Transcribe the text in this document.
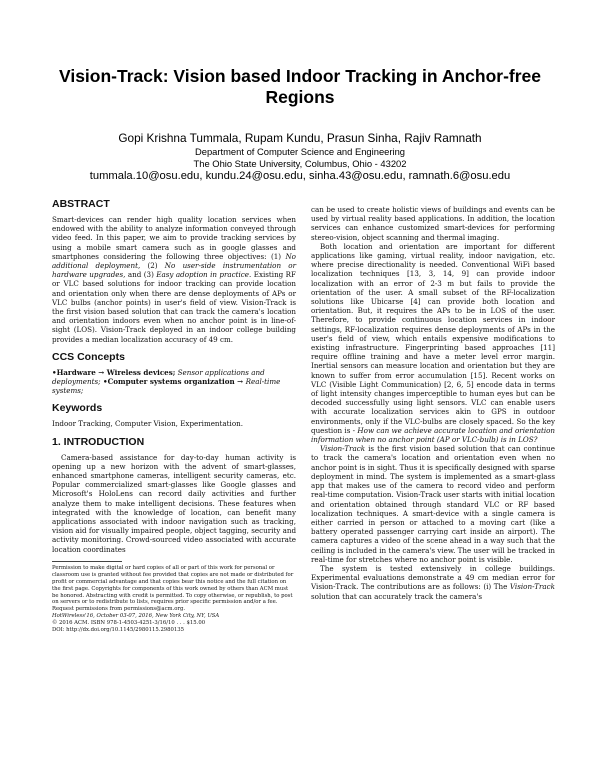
Vision-Track: Vision based Indoor Tracking in Anchor-free
Regions
Gopi Krishna Tummala, Rupam Kundu, Prasun Sinha, Rajiv Ramnath
Department of Computer Science and Engineering
The Ohio State University, Columbus, Ohio - 43202
tummala.10@osu.edu, kundu.24@osu.edu, sinha.43@osu.edu, ramnath.6@osu.edu
ABSTRACT

Smart-devices can render high quality location services when endowed with the ability to analyze information conveyed through video feed. In this paper, we aim to provide tracking services by using a mobile smart camera such as in google glasses and smartphones considering the following three objectives: (1) No additional deployment, (2) No user-side instrumentation or hardware upgrades, and (3) Easy adoption in practice. Existing RF or VLC based solutions for indoor tracking can provide location and orientation only when there are dense deployments of APs or VLC bulbs (anchor points) in user's field of view. Vision-Track is the first vision based solution that can track the camera's location and orientation indoors even when no anchor point is in line-of-sight (LOS). Vision-Track deployed in an indoor college building provides a median localization accuracy of 49 cm.

CCS Concepts

•Hardware → Wireless devices; Sensor applications and deployments; •Computer systems organization → Real-time systems;

Keywords

Indoor Tracking, Computer Vision, Experimentation.

1. INTRODUCTION

Camera-based assistance for day-to-day human activity is opening up a new horizon with the advent of smart-glasses, enhanced smartphone cameras, intelligent security cameras, etc. Popular commercialized smart-glasses like Google glasses and Microsoft's HoloLens can record daily activities and further analyze them to make intelligent decisions. These features when integrated with the knowledge of location, can benefit many applications associated with indoor navigation such as tracking, vision aid for visually impaired people, object tagging, security and activity monitoring. Crowd-sourced video associated with accurate location coordinates

Permission to make digital or hard copies of all or part of this work for personal or classroom use is granted without fee provided that copies are not made or distributed for profit or commercial advantage and that copies bear this notice and the full citation on the first page. Copyrights for components of this work owned by others than ACM must be honored. Abstracting with credit is permitted. To copy otherwise, or republish, to post on servers or to redistribute to lists, requires prior specific permission and/or a fee. Request permissions from permissions@acm.org.

HotWireless'16, October 03-07, 2016, New York City, NY, USA

© 2016 ACM. ISBN 978-1-4503-4251-3/16/10 . . . $15.00

DOI: http://dx.doi.org/10.1145/2980115.2980135

can be used to create holistic views of buildings and events can be used by virtual reality based applications. In addition, the location services can enhance customized smart-devices for performing stereo-vision, object scanning and thermal imaging.

Both location and orientation are important for different applications like gaming, virtual reality, indoor navigation, etc. where precise directionality is needed. Conventional WiFi based localization techniques [13, 3, 14, 9] can provide indoor localization with an error of 2-3 m but fails to provide the orientation of the user. A small subset of the RF-localization solutions like Ubicarse [4] can provide both location and orientation. But, it requires the APs to be in LOS of the user. Therefore, to provide continuous location services in indoor settings, RF-localization requires dense deployments of APs in the user's field of view, which entails expensive modifications to existing infrastructure. Fingerprinting based approaches [11] require offline training and have a meter level error margin. Inertial sensors can measure location and orientation but they are known to suffer from error accumulation [15]. Recent works on VLC (Visible Light Communication) [2, 6, 5] encode data in terms of light intensity changes imperceptible to human eyes but can be decoded successfully using light sensors. VLC can enable users with accurate localization services akin to GPS in outdoor environments, only if the VLC-bulbs are closely spaced. So the key question is - How can we achieve accurate location and orientation information when no anchor point (AP or VLC-bulb) is in LOS?

Vision-Track is the first vision based solution that can continue to track the camera's location and orientation even when no anchor point is in sight. Thus it is specifically designed with sparse deployment in mind. The system is implemented as a smart-glass app that makes use of the camera to record video and perform real-time computation. Vision-Track user starts with initial location and orientation obtained through standard VLC or RF based localization techniques. A smart-device with a single camera is either carried in person or attached to a moving cart (like a battery operated passenger carrying cart inside an airport). The camera captures a video of the scene ahead in a way such that the ceiling is included in the camera's view. The user will be tracked in real-time for stretches where no anchor point is visible.

The system is tested extensively in college buildings. Experimental evaluations demonstrate a 49 cm median error for Vision-Track. The contributions are as follows: (i) The Vision-Track solution that can accurately track the camera's
